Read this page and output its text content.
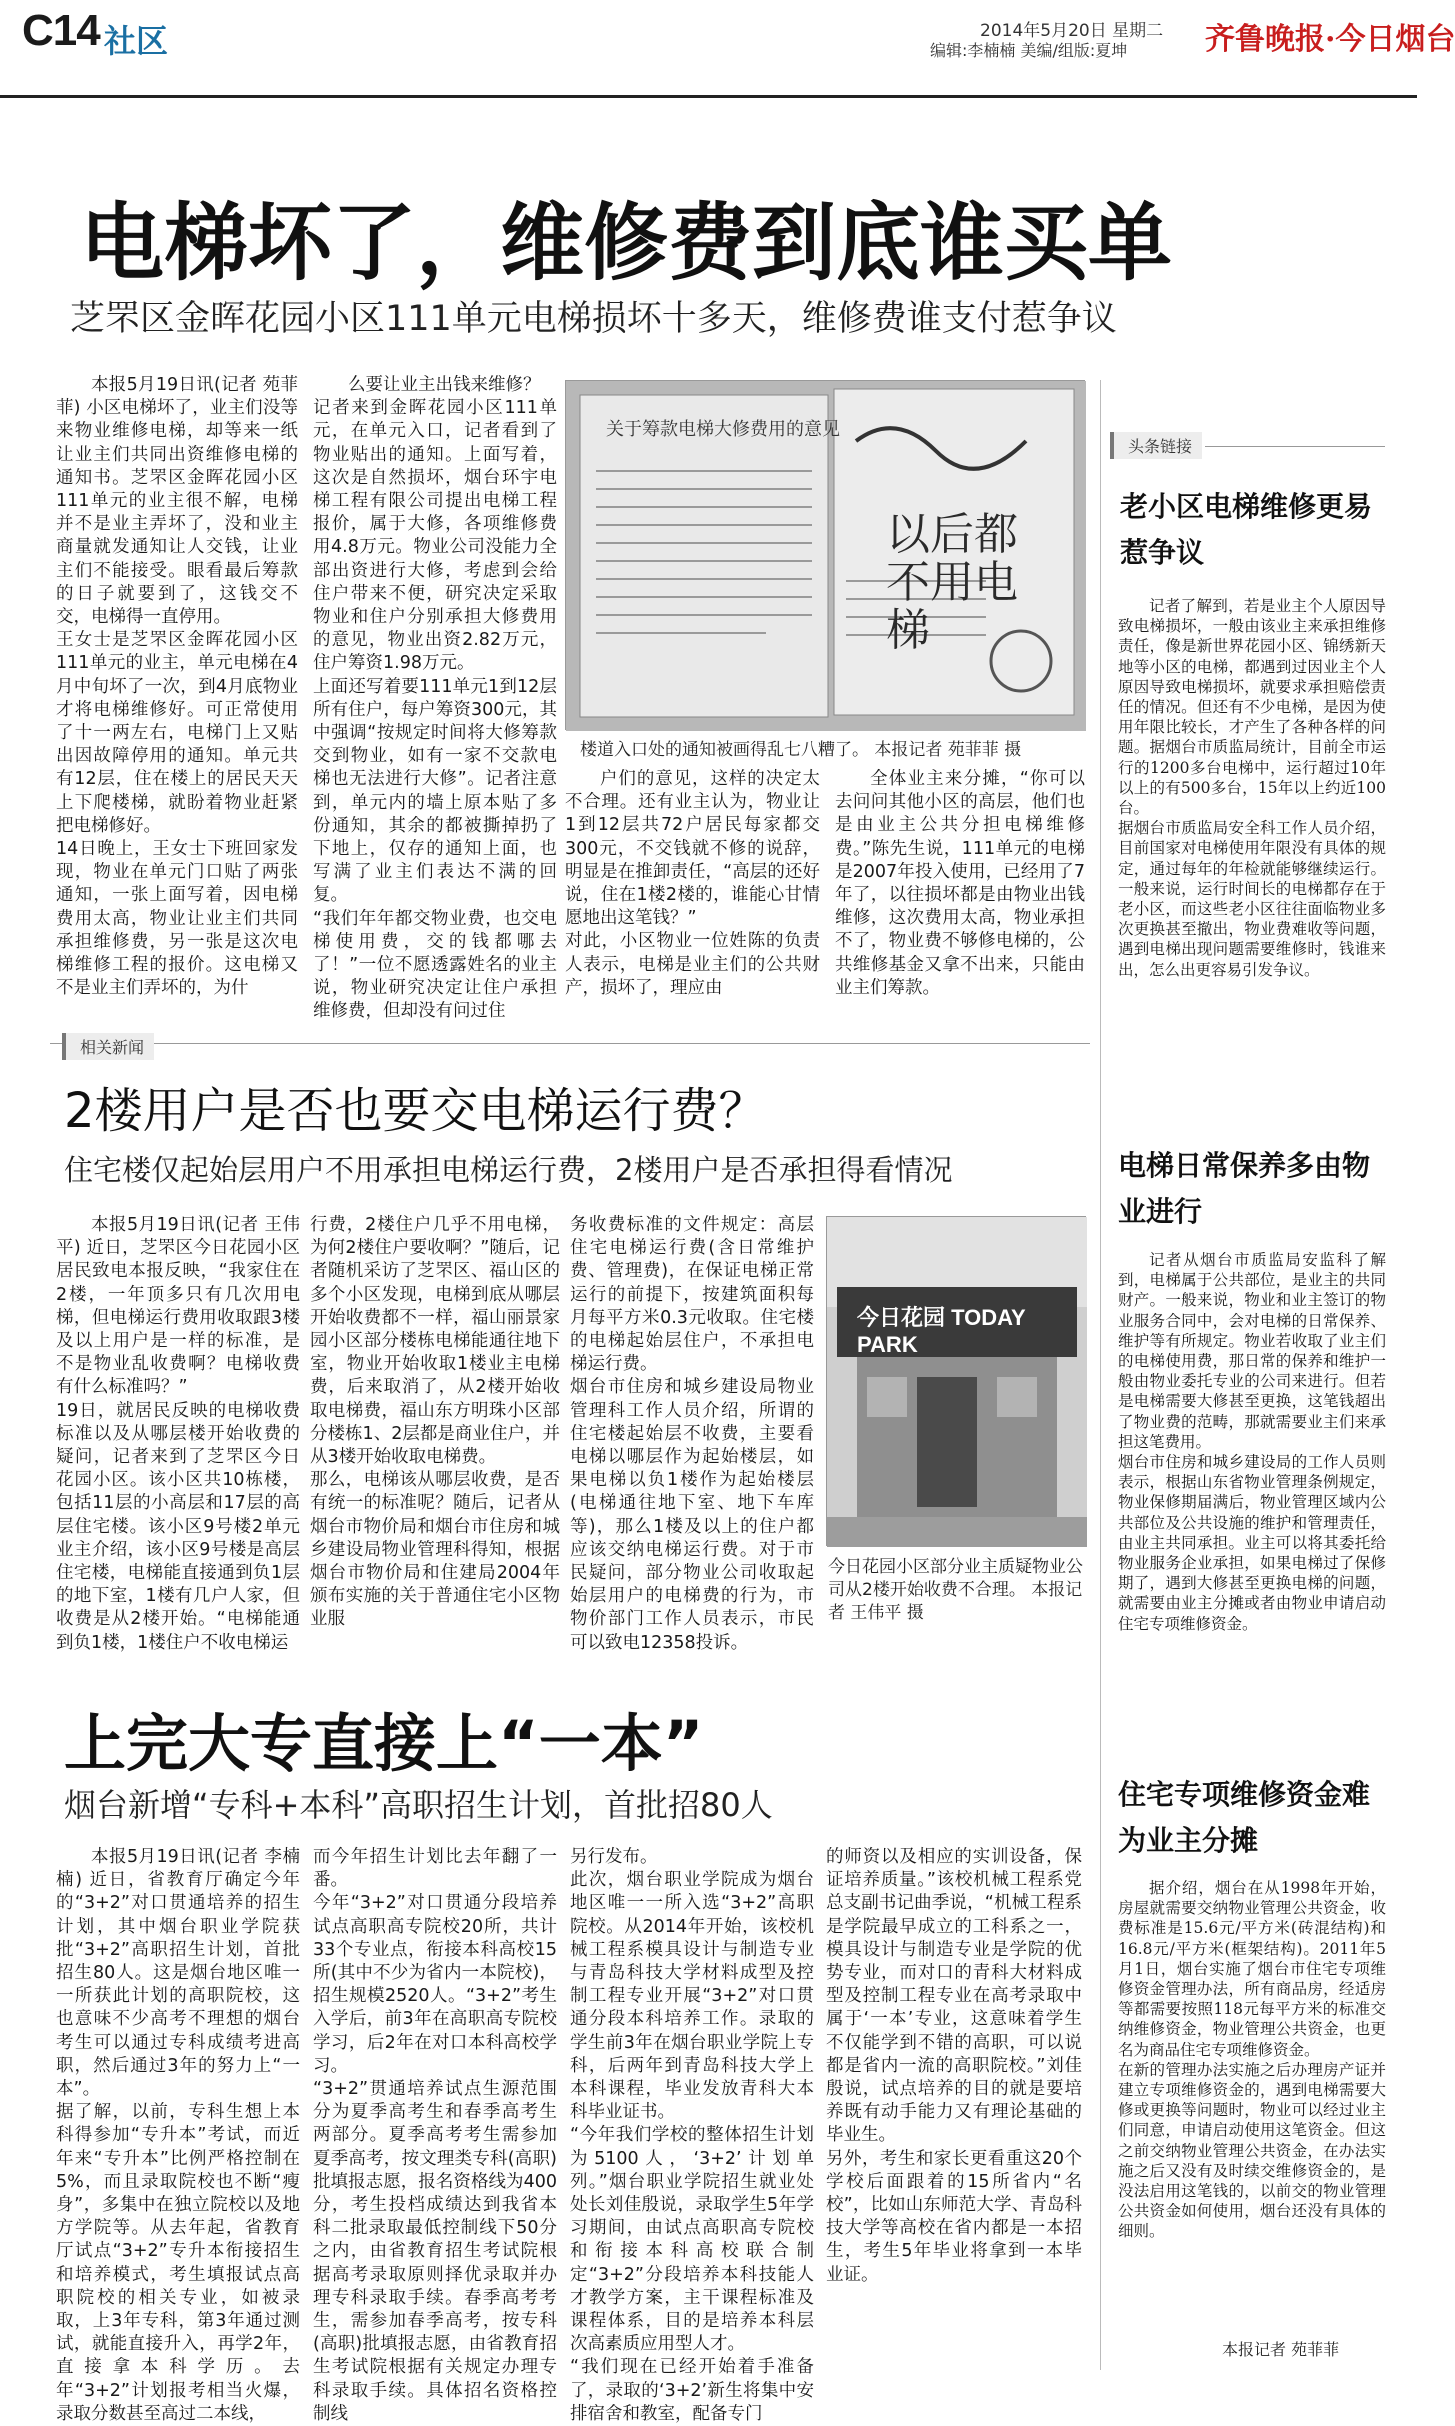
C14 社区	2014年5月20日 星期二
编辑:李楠楠 美编/组版:夏坤	齐鲁晚报·今日烟台
电梯坏了，维修费到底谁买单
芝罘区金晖花园小区111单元电梯损坏十多天，维修费谁支付惹争议

本报5月19日讯(记者 苑菲菲) 小区电梯坏了，业主们没等来物业维修电梯，却等来一纸让业主们共同出资维修电梯的通知书。芝罘区金晖花园小区111单元的业主很不解，电梯并不是业主弄坏了，没和业主商量就发通知让人交钱，让业主们不能接受。眼看最后筹款的日子就要到了，这钱交不交，电梯得一直停用。
王女士是芝罘区金晖花园小区111单元的业主，单元电梯在4月中旬坏了一次，到4月底物业才将电梯维修好。可正常使用了十一两左右，电梯门上又贴出因故障停用的通知。单元共有12层，住在楼上的居民天天上下爬楼梯，就盼着物业赶紧把电梯修好。
14日晚上，王女士下班回家发现，物业在单元门口贴了两张通知，一张上面写着，因电梯费用太高，物业让业主们共同承担维修费，另一张是这次电梯维修工程的报价。这电梯又不是业主们弄坏的，为什

么要让业主出钱来维修？
记者来到金晖花园小区111单元，在单元入口，记者看到了物业贴出的通知。上面写着，这次是自然损坏，烟台环宇电梯工程有限公司提出电梯工程报价，属于大修，各项维修费用4.8万元。物业公司没能力全部出资进行大修，考虑到会给住户带来不便，研究决定采取物业和住户分别承担大修费用的意见，物业出资2.82万元，住户筹资1.98万元。
上面还写着要111单元1到12层所有住户，每户筹资300元，其中强调“按规定时间将大修筹款交到物业，如有一家不交款电梯也无法进行大修”。记者注意到，单元内的墙上原本贴了多份通知，其余的都被撕掉扔了下地上，仅存的通知上面，也写满了业主们表达不满的回复。
“我们年年都交物业费，也交电梯使用费，交的钱都哪去了！”一位不愿透露姓名的业主说，物业研究决定让住户承担维修费，但却没有问过住

关于筹款电梯大修费用的意见
以后都不用电梯
楼道入口处的通知被画得乱七八糟了。 本报记者 苑菲菲 摄

户们的意见，这样的决定太不合理。还有业主认为，物业让1到12层共72户居民每家都交300元，不交钱就不修的说辞，明显是在推卸责任，“高层的还好说，住在1楼2楼的，谁能心甘情愿地出这笔钱？”
对此，小区物业一位姓陈的负责人表示，电梯是业主们的公共财产，损坏了，理应由

全体业主来分摊，“你可以去问问其他小区的高层，他们也是由业主公共分担电梯维修费。”陈先生说，111单元的电梯是2007年投入使用，已经用了7年了，以往损坏都是由物业出钱维修，这次费用太高，物业承担不了，物业费不够修电梯的，公共维修基金又拿不出来，只能由业主们筹款。

相关新闻
2楼用户是否也要交电梯运行费？
住宅楼仅起始层用户不用承担电梯运行费，2楼用户是否承担得看情况

本报5月19日讯(记者 王伟平) 近日，芝罘区今日花园小区居民致电本报反映，“我家住在2楼，一年顶多只有几次用电梯，但电梯运行费用收取跟3楼及以上用户是一样的标准，是不是物业乱收费啊？电梯收费有什么标准吗？”
19日，就居民反映的电梯收费标准以及从哪层楼开始收费的疑问，记者来到了芝罘区今日花园小区。该小区共10栋楼，包括11层的小高层和17层的高层住宅楼。该小区9号楼2单元业主介绍，该小区9号楼是高层住宅楼，电梯能直接通到负1层的地下室，1楼有几户人家，但收费是从2楼开始。“电梯能通到负1楼，1楼住户不收电梯运

行费，2楼住户几乎不用电梯，为何2楼住户要收啊？”随后，记者随机采访了芝罘区、福山区的多个小区发现，电梯到底从哪层开始收费都不一样，福山丽景家园小区部分楼栋电梯能通往地下室，物业开始收取1楼业主电梯费，后来取消了，从2楼开始收取电梯费，福山东方明珠小区部分楼栋1、2层都是商业住户，并从3楼开始收取电梯费。
那么，电梯该从哪层收费，是否有统一的标准呢？随后，记者从烟台市物价局和烟台市住房和城乡建设局物业管理科得知，根据烟台市物价局和住建局2004年颁布实施的关于普通住宅小区物业服

务收费标准的文件规定：高层住宅电梯运行费(含日常维护费、管理费)，在保证电梯正常运行的前提下，按建筑面积每月每平方米0.3元收取。住宅楼的电梯起始层住户，不承担电梯运行费。
烟台市住房和城乡建设局物业管理科工作人员介绍，所谓的住宅楼起始层不收费，主要看电梯以哪层作为起始楼层，如果电梯以负1楼作为起始楼层(电梯通往地下室、地下车库等)，那么1楼及以上的住户都应该交纳电梯运行费。对于市民疑问，部分物业公司收取起始层用户的电梯费的行为，市物价部门工作人员表示，市民可以致电12358投诉。

今日花园 TODAY PARK
今日花园小区部分业主质疑物业公司从2楼开始收费不合理。 本报记者 王伟平 摄
上完大专直接上“一本”
烟台新增“专科+本科”高职招生计划，首批招80人

本报5月19日讯(记者 李楠楠) 近日，省教育厅确定今年的“3+2”对口贯通培养的招生计划，其中烟台职业学院获批“3+2”高职招生计划，首批招生80人。这是烟台地区唯一一所获此计划的高职院校，这也意味不少高考不理想的烟台考生可以通过专科成绩考进高职，然后通过3年的努力上“一本”。
据了解，以前，专科生想上本科得参加“专升本”考试，而近年来“专升本”比例严格控制在5%，而且录取院校也不断“瘦身”，多集中在独立院校以及地方学院等。从去年起，省教育厅试点“3+2”专升本衔接招生和培养模式，考生填报试点高职院校的相关专业，如被录取，上3年专科，第3年通过测试，就能直接升入，再学2年，直接拿本科学历。去年“3+2”计划报考相当火爆，录取分数甚至高过二本线，

而今年招生计划比去年翻了一番。
今年“3+2”对口贯通分段培养试点高职高专院校20所，共计33个专业点，衔接本科高校15所(其中不少为省内一本院校)，招生规模2520人。“3+2”考生入学后，前3年在高职高专院校学习，后2年在对口本科高校学习。
“3+2”贯通培养试点生源范围分为夏季高考生和春季高考生两部分。夏季高考考生需参加夏季高考，按文理类专科(高职)批填报志愿，报名资格线为400分，考生投档成绩达到我省本科二批录取最低控制线下50分之内，由省教育招生考试院根据高考录取原则择优录取并办理专科录取手续。春季高考考生，需参加春季高考，按专科(高职)批填报志愿，由省教育招生考试院根据有关规定办理专科录取手续。具体招名资格控制线

另行发布。
此次，烟台职业学院成为烟台地区唯一一所入选“3+2”高职院校。从2014年开始，该校机械工程系模具设计与制造专业与青岛科技大学材料成型及控制工程专业开展“3+2”对口贯通分段本科培养工作。录取的学生前3年在烟台职业学院上专科，后两年到青岛科技大学上本科课程，毕业发放青科大本科毕业证书。
“今年我们学校的整体招生计划为5100人，‘3+2’计划单列。”烟台职业学院招生就业处处长刘佳殷说，录取学生5年学习期间，由试点高职高专院校和衔接本科高校联合制定“3+2”分段培养本科技能人才教学方案，主干课程标准及课程体系，目的是培养本科层次高素质应用型人才。
“我们现在已经开始着手准备了，录取的‘3+2’新生将集中安排宿舍和教室，配备专门

的师资以及相应的实训设备，保证培养质量。”该校机械工程系党总支副书记曲季说，“机械工程系是学院最早成立的工科系之一，模具设计与制造专业是学院的优势专业，而对口的青科大材料成型及控制工程专业在高考录取中属于‘一本’专业，这意味着学生不仅能学到不错的高职，可以说都是省内一流的高职院校。”刘佳殷说，试点培养的目的就是要培养既有动手能力又有理论基础的毕业生。
另外，考生和家长更看重这20个学校后面跟着的15所省内“名校”，比如山东师范大学、青岛科技大学等高校在省内都是一本招生，考生5年毕业将拿到一本毕业证。

头条链接
老小区电梯维修更易惹争议

记者了解到，若是业主个人原因导致电梯损坏，一般由该业主来承担维修责任，像是新世界花园小区、锦绣新天地等小区的电梯，都遇到过因业主个人原因导致电梯损坏，就要求承担赔偿责任的情况。但还有不少电梯，是因为使用年限比较长，才产生了各种各样的问题。据烟台市质监局统计，目前全市运行的1200多台电梯中，运行超过10年以上的有500多台，15年以上约近100台。
据烟台市质监局安全科工作人员介绍，目前国家对电梯使用年限没有具体的规定，通过每年的年检就能够继续运行。一般来说，运行时间长的电梯都存在于老小区，而这些老小区往往面临物业多次更换甚至撤出，物业费难收等问题，遇到电梯出现问题需要维修时，钱谁来出，怎么出更容易引发争议。

电梯日常保养多由物业进行

记者从烟台市质监局安监科了解到，电梯属于公共部位，是业主的共同财产。一般来说，物业和业主签订的物业服务合同中，会对电梯的日常保养、维护等有所规定。物业若收取了业主们的电梯使用费，那日常的保养和维护一般由物业委托专业的公司来进行。但若是电梯需要大修甚至更换，这笔钱超出了物业费的范畴，那就需要业主们来承担这笔费用。
烟台市住房和城乡建设局的工作人员则表示，根据山东省物业管理条例规定，物业保修期届满后，物业管理区域内公共部位及公共设施的维护和管理责任，由业主共同承担。业主可以将其委托给物业服务企业承担，如果电梯过了保修期了，遇到大修甚至更换电梯的问题，就需要由业主分摊或者由物业申请启动住宅专项维修资金。

住宅专项维修资金难为业主分摊

据介绍，烟台在从1998年开始，房屋就需要交纳物业管理公共资金，收费标准是15.6元/平方米(砖混结构)和16.8元/平方米(框架结构)。2011年5月1日，烟台实施了烟台市住宅专项维修资金管理办法，所有商品房，经适房等都需要按照118元每平方米的标准交纳维修资金，物业管理公共资金，也更名为商品住宅专项维修资金。
在新的管理办法实施之后办理房产证并建立专项维修资金的，遇到电梯需要大修或更换等问题时，物业可以经过业主们同意，申请启动使用这笔资金。但这之前交纳物业管理公共资金，在办法实施之后又没有及时续交维修资金的，是没法启用这笔钱的，以前交的物业管理公共资金如何使用，烟台还没有具体的细则。

本报记者 苑菲菲
